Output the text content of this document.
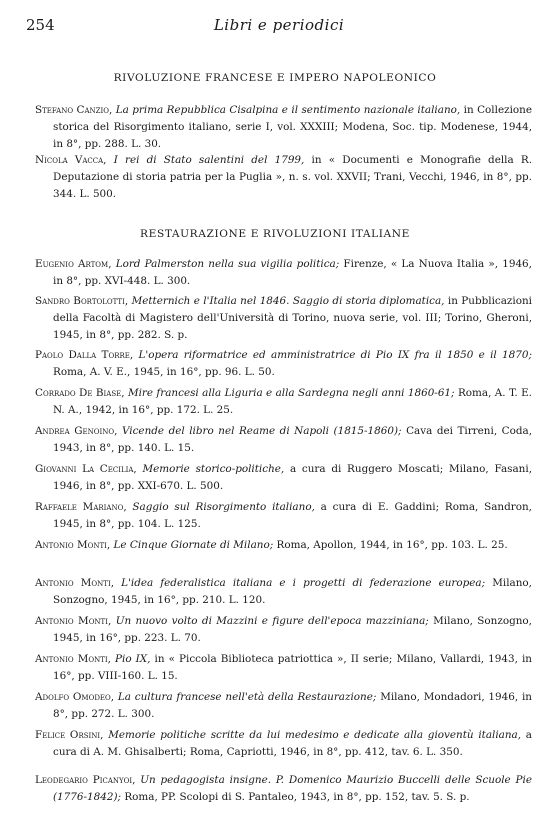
254	Libri e periodici
RIVOLUZIONE FRANCESE E IMPERO NAPOLEONICO

Stefano Canzio, La prima Repubblica Cisalpina e il sentimento nazionale italiano, in Collezione storica del Risorgimento italiano, serie I, vol. XXXIII; Modena, Soc. tip. Modenese, 1944, in 8°, pp. 288. L. 30.

Nicola Vacca, I rei di Stato salentini del 1799, in « Documenti e Monografie della R. Deputazione di storia patria per la Puglia », n. s. vol. XXVII; Trani, Vecchi, 1946, in 8°, pp. 344. L. 500.

RESTAURAZIONE E RIVOLUZIONI ITALIANE

Eugenio Artom, Lord Palmerston nella sua vigilia politica; Firenze, « La Nuova Italia », 1946, in 8°, pp. XVI-448. L. 300.

Sandro Bortolotti, Metternich e l'Italia nel 1846. Saggio di storia diplomatica, in Pubblicazioni della Facoltà di Magistero dell'Università di Torino, nuova serie, vol. III; Torino, Gheroni, 1945, in 8°, pp. 282. S. p.

Paolo Dalla Torre, L'opera riformatrice ed amministratrice di Pio IX fra il 1850 e il 1870; Roma, A. V. E., 1945, in 16°, pp. 96. L. 50.

Corrado De Biase, Mire francesi alla Liguria e alla Sardegna negli anni 1860-61; Roma, A. T. E. N. A., 1942, in 16°, pp. 172. L. 25.

Andrea Genoino, Vicende del libro nel Reame di Napoli (1815-1860); Cava dei Tirreni, Coda, 1943, in 8°, pp. 140. L. 15.

Giovanni La Cecilia, Memorie storico-politiche, a cura di Ruggero Moscati; Milano, Fasani, 1946, in 8°, pp. XXI-670. L. 500.

Raffaele Mariano, Saggio sul Risorgimento italiano, a cura di E. Gaddini; Roma, Sandron, 1945, in 8°, pp. 104. L. 125.

Antonio Monti, Le Cinque Giornate di Milano; Roma, Apollon, 1944, in 16°, pp. 103. L. 25.

Antonio Monti, L'idea federalistica italiana e i progetti di federazione europea; Milano, Sonzogno, 1945, in 16°, pp. 210. L. 120.

Antonio Monti, Un nuovo volto di Mazzini e figure dell'epoca mazziniana; Milano, Sonzogno, 1945, in 16°, pp. 223. L. 70.

Antonio Monti, Pio IX, in « Piccola Biblioteca patriottica », II serie; Milano, Vallardi, 1943, in 16°, pp. VIII-160. L. 15.

Adolfo Omodeo, La cultura francese nell'età della Restaurazione; Milano, Mondadori, 1946, in 8°, pp. 272. L. 300.

Felice Orsini, Memorie politiche scritte da lui medesimo e dedicate alla gioventù italiana, a cura di A. M. Ghisalberti; Roma, Capriotti, 1946, in 8°, pp. 412, tav. 6. L. 350.

Leodegario Picanyoi, Un pedagogista insigne. P. Domenico Maurizio Buccelli delle Scuole Pie (1776-1842); Roma, PP. Scolopi di S. Pantaleo, 1943, in 8°, pp. 152, tav. 5. S. p.
